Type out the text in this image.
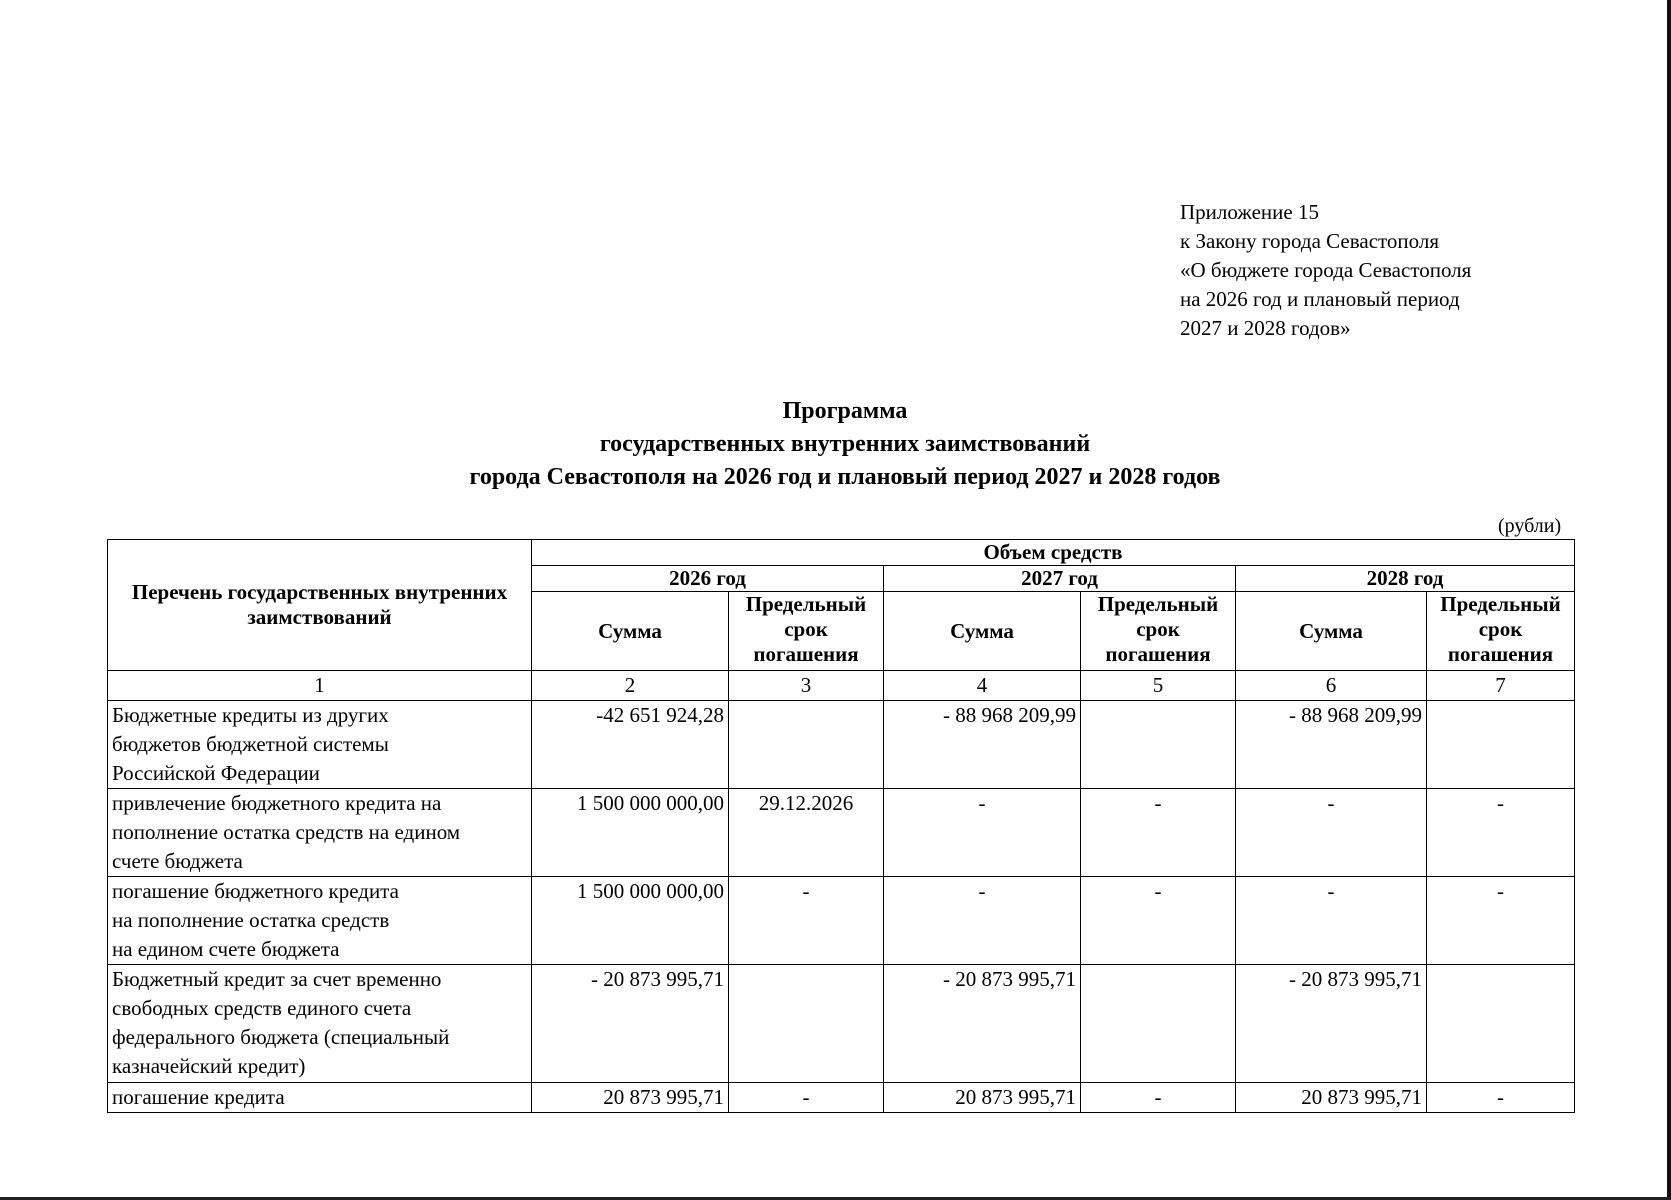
Приложение 15
к Закону города Севастополя
«О бюджете города Севастополя
на 2026 год и плановый период
2027 и 2028 годов»
Программа
государственных внутренних заимствований
города Севастополя на 2026 год и плановый период 2027 и 2028 годов
(рубли)
Перечень государственных внутренних заимствований	Объем средств					
	2026 год		2027 год		2028 год	
	Сумма	Предельный
срок
погашения	Сумма	Предельный
срок
погашения	Сумма	Предельный
срок
погашения

1	2	3	4	5	6	7

Бюджетные кредиты из других
бюджетов бюджетной системы
Российской Федерации	-42 651 924,28		- 88 968 209,99		- 88 968 209,99	

привлечение бюджетного кредита на
пополнение остатка средств на едином
счете бюджета	1 500 000 000,00	29.12.2026	-	-	-	-

погашение бюджетного кредита
на пополнение остатка средств
на едином счете бюджета	1 500 000 000,00	-	-	-	-	-

Бюджетный кредит за счет временно
свободных средств единого счета
федерального бюджета (специальный
казначейский кредит)	- 20 873 995,71		- 20 873 995,71		- 20 873 995,71	

погашение кредита	20 873 995,71	-	20 873 995,71	-	20 873 995,71	-
